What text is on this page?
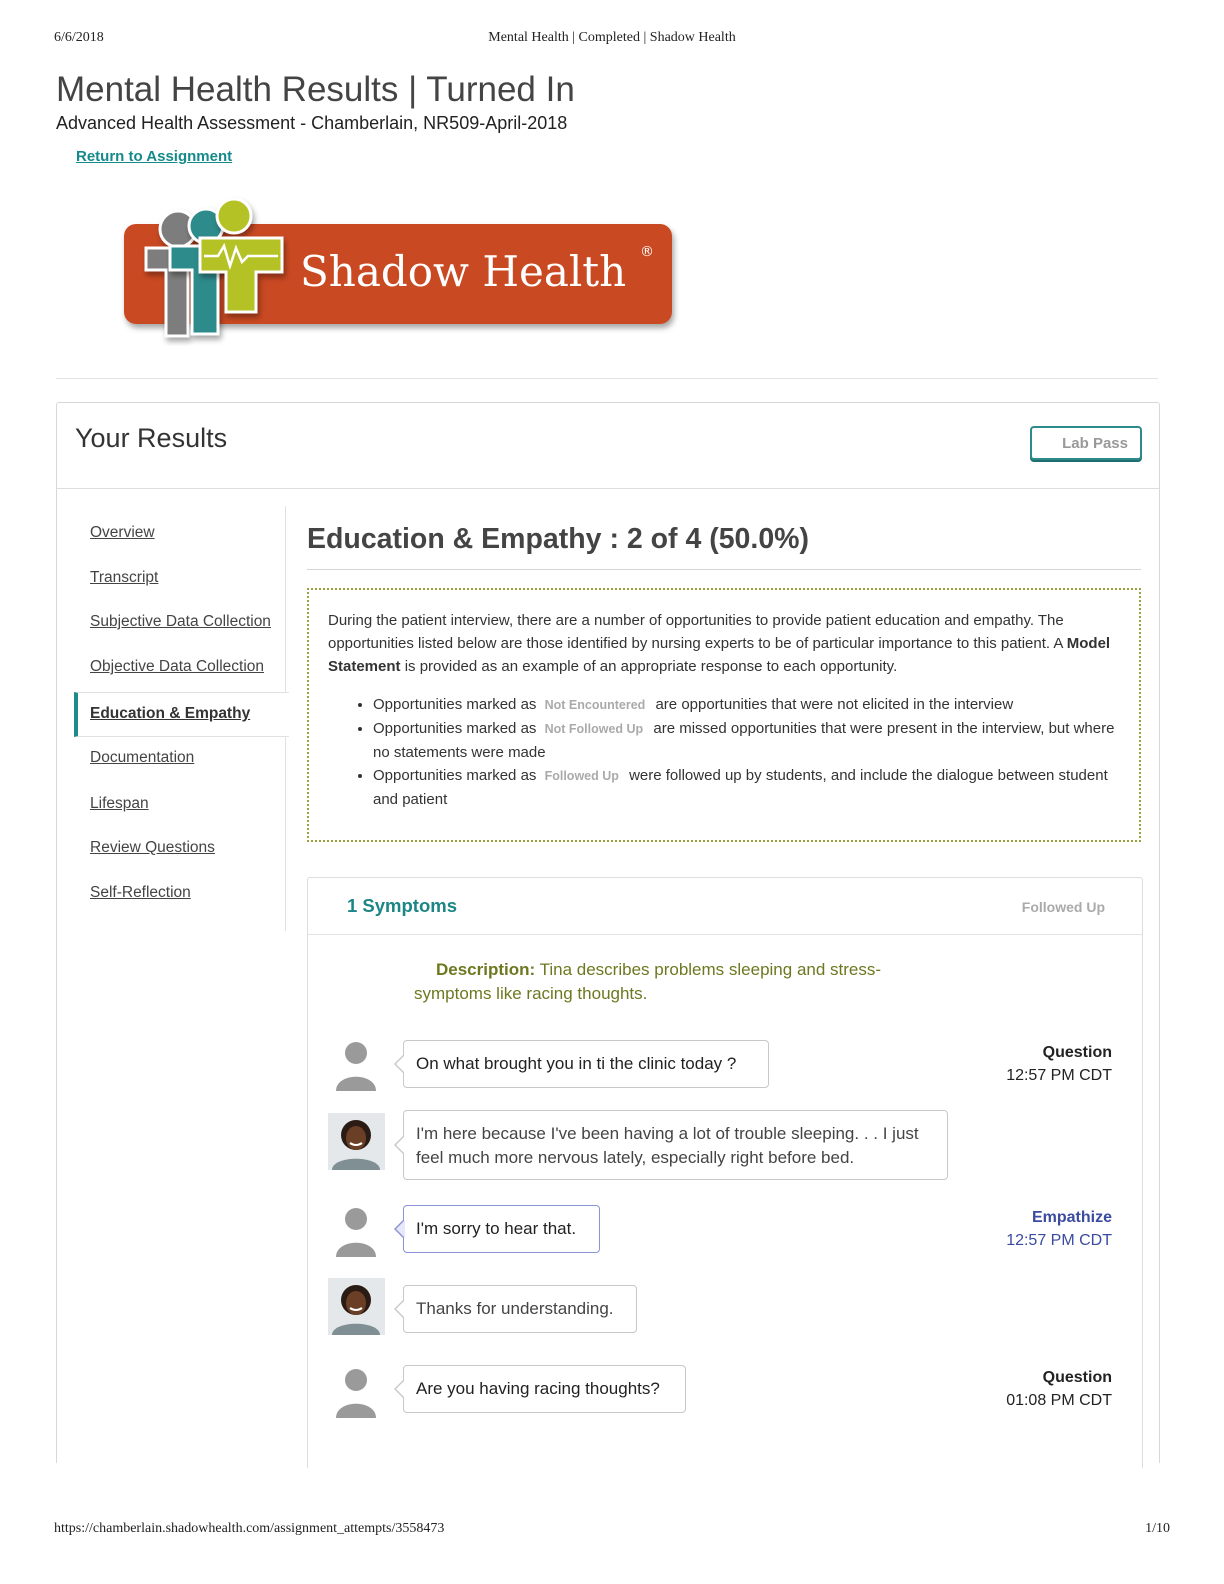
6/6/2018	Mental Health | Completed | Shadow Health
Mental Health Results | Turned In
Advanced Health Assessment - Chamberlain, NR509-April-2018
Return to Assignment
Shadow Health ®
Your Results	Lab Pass
Overview
Transcript
Subjective Data Collection
Objective Data Collection
Education & Empathy
Documentation
Lifespan
Review Questions
Self-Reflection
Education & Empathy : 2 of 4 (50.0%)
During the patient interview, there are a number of opportunities to provide patient education and empathy. The opportunities listed below are those identified by nursing experts to be of particular importance to this patient. A Model Statement is provided as an example of an appropriate response to each opportunity.
• Opportunities marked as Not Encountered are opportunities that were not elicited in the interview
• Opportunities marked as Not Followed Up are missed opportunities that were present in the interview, but where no statements were made
• Opportunities marked as Followed Up were followed up by students, and include the dialogue between student and patient
1 Symptoms	Followed Up
Description: Tina describes problems sleeping and stress-symptoms like racing thoughts.
On what brought you in ti the clinic today ?
Question
12:57 PM CDT
I'm here because I've been having a lot of trouble sleeping. . . I just feel much more nervous lately, especially right before bed.
I'm sorry to hear that.
Empathize
12:57 PM CDT
Thanks for understanding.
Are you having racing thoughts?
Question
01:08 PM CDT
https://chamberlain.shadowhealth.com/assignment_attempts/3558473	1/10
